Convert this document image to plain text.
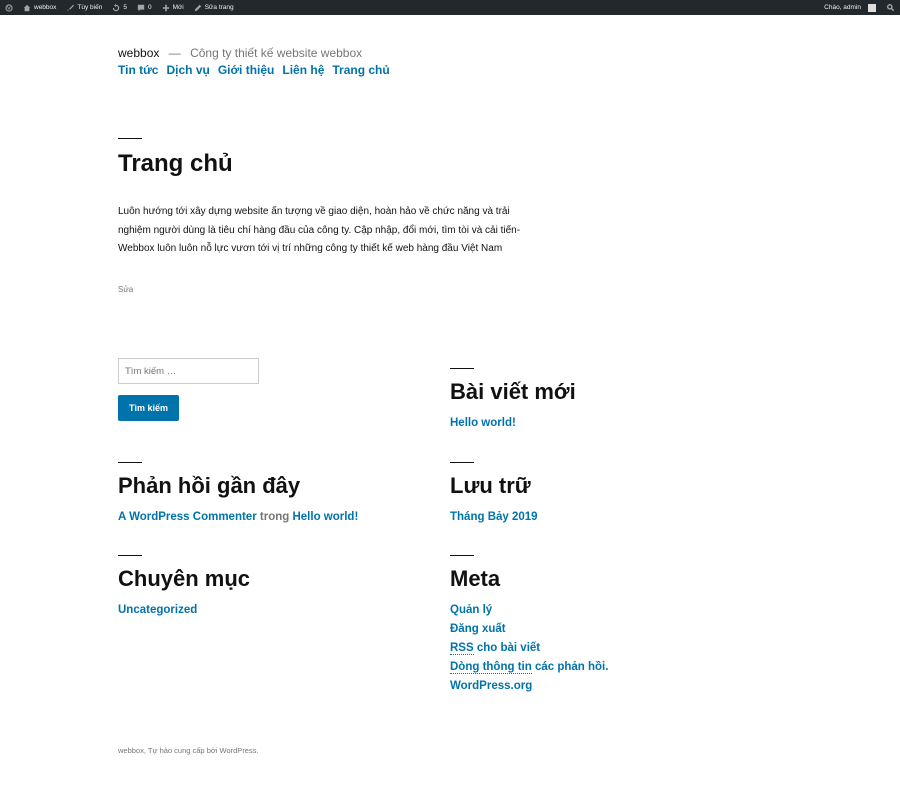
W	webbox	Tùy biến	5	0	Mới	Sửa trang	Chào, admin
webbox — Công ty thiết kế website webbox
Tin tức Dịch vụ Giới thiệu Liên hệ Trang chủ
Trang chủ
Luôn hướng tới xây dựng website ấn tượng về giao diện, hoàn hảo về chức năng và trải
nghiệm người dùng là tiêu chí hàng đầu của công ty. Cập nhập, đổi mới, tìm tòi và cải tiến-
Webbox luôn luôn nỗ lực vươn tới vị trí những công ty thiết kế web hàng đầu Việt Nam
Sửa
Tìm kiếm …
Tìm kiếm
Bài viết mới
Hello world!
Phản hồi gần đây
A WordPress Commenter trong Hello world!
Lưu trữ
Tháng Bảy 2019
Chuyên mục
Uncategorized
Meta
Quản lý
Đăng xuất
RSS cho bài viết
Dòng thông tin các phản hồi.
WordPress.org
webbox, Tự hào cung cấp bởi WordPress.
